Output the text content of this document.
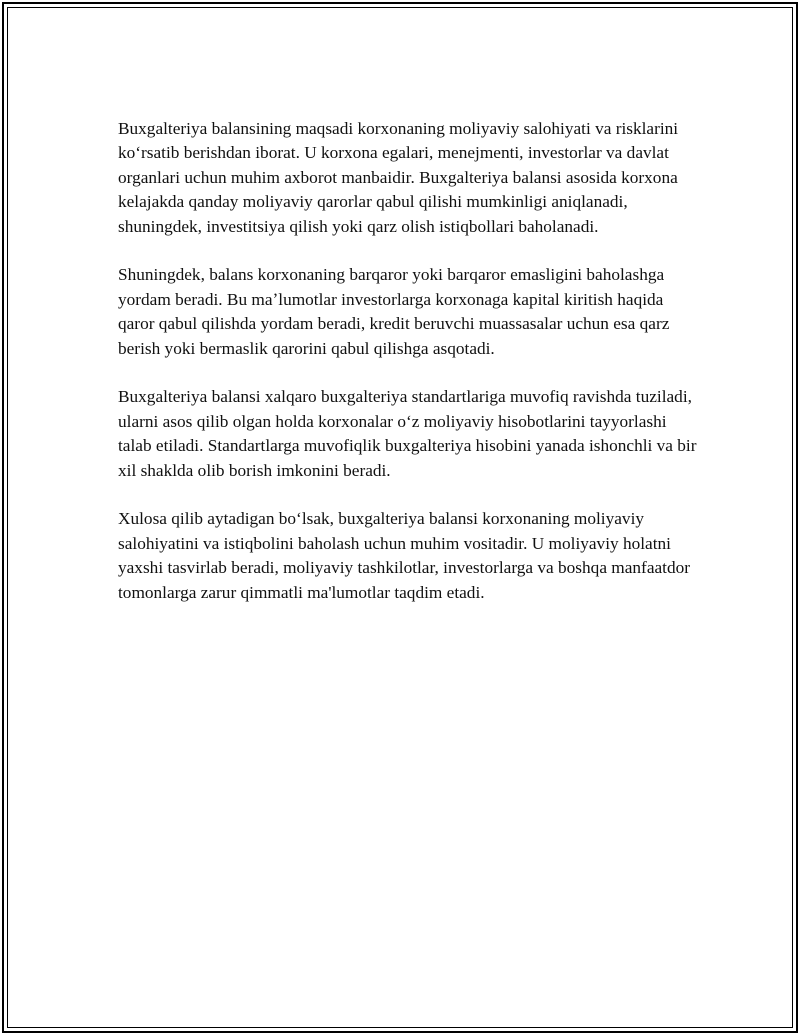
Buxgalteriya balansining maqsadi korxonaning moliyaviy salohiyati va risklarini koʻrsatib berishdan iborat. U korxona egalari, menejmenti, investorlar va davlat organlari uchun muhim axborot manbaidir. Buxgalteriya balansi asosida korxona kelajakda qanday moliyaviy qarorlar qabul qilishi mumkinligi aniqlanadi, shuningdek, investitsiya qilish yoki qarz olish istiqbollari baholanadi.

Shuningdek, balans korxonaning barqaror yoki barqaror emasligini baholashga yordam beradi. Bu maʼlumotlar investorlarga korxonaga kapital kiritish haqida qaror qabul qilishda yordam beradi, kredit beruvchi muassasalar uchun esa qarz berish yoki bermaslik qarorini qabul qilishga asqotadi.

Buxgalteriya balansi xalqaro buxgalteriya standartlariga muvofiq ravishda tuziladi, ularni asos qilib olgan holda korxonalar oʻz moliyaviy hisobotlarini tayyorlashi talab etiladi. Standartlarga muvofiqlik buxgalteriya hisobini yanada ishonchli va bir xil shaklda olib borish imkonini beradi.

Xulosa qilib aytadigan boʻlsak, buxgalteriya balansi korxonaning moliyaviy salohiyatini va istiqbolini baholash uchun muhim vositadir. U moliyaviy holatni yaxshi tasvirlab beradi, moliyaviy tashkilotlar, investorlarga va boshqa manfaatdor tomonlarga zarur qimmatli ma'lumotlar taqdim etadi.
